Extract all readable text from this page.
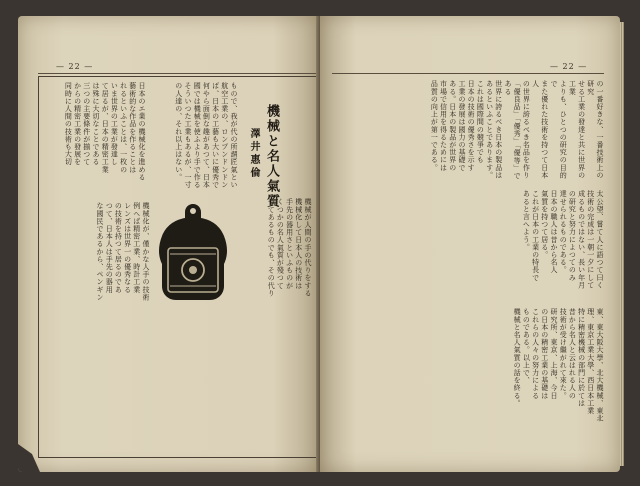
— 22 —
機械と名人氣質
澤井惠倫
もので、我が代の所謂匠氣とい
航空工業の、ロンプンドンドン
ば、日本の工藝も大いに優秀で
何やら面倒な趣があつて、日本
國では機械を使ふより手で作る
そういつた工業もあるが、一寸
の人達の、それ以上はない。
機械が人間の手の代りをする
機械化して日本人の技術は
手先の器用さといふものが
くつかの名人氣質が殘つて
つてあるものでも、その代り
日本のエ業の機械化を進める
藝術的な作品を作ることは
れるといふことは、一枚の
いま世界の工業が發達し
て居るが、日本の精密工業
は殊に大切なことである
三つの主要條件が揃つて
からの精密工業の發展を
同時に人間の技術も大切
機械化が、僅かな人手の技術
例へば精密工業、時計工業
レンズは世界一の優秀なる
の技術を持つて居るのであ
つて、日本人は手先の器用
な國民であるから、ペンギン
— 22 —
の一番好きな、一番技術上の研究
せる工業の發達と共に世界の工業
よりも、ひとつの研究の目的で
また優れた技術を持つて日本人
の世界に誇るべき名品を作り
「優良品」「優秀」「優等」である
世界に誇るべき日本の製品は
あるといふことであります。
これは國際間の競爭でも
日本の技術の優秀さを示す
工業の發展は國力の基礎で
ある。日本の製品が世界の
市場で信用を得るためには
品質の向上が第一である。
太公望、嘗て人に語つて曰く
技術の完成は一朝一夕にして
成るものではない、長い年月
の研究と努力によつてのみ
達せられるものである。
日本の職人は昔から名人
氣質を持つて居る。
これが日本の工業の特長で
あると言へよう。
東、東大阪大學、北大機械、東北
理、東京工業大學、西日本工業
特に精密機械の部門に於ては
昔から名人と云はれる人の
技術が受け繼がれて來た。
研究所、東京、上海、今日
の日本の精密工業の基礎は
これらの人々の努力による
ものである。以上で、
機械と名人氣質の話を終る。
